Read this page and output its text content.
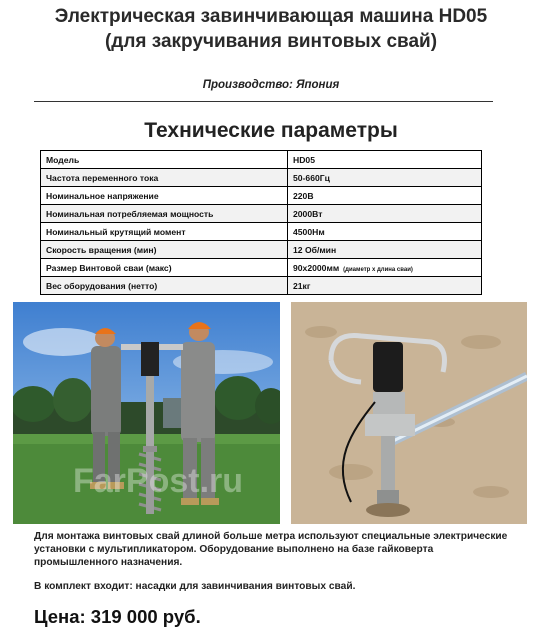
Электрическая завинчивающая машина HD05
(для закручивания винтовых свай)
Производство: Япония
Технические параметры
Модель	HD05
Частота переменного тока	50-660Гц
Номинальное напряжение	220В
Номинальная потребляемая мощность	2000Вт
Номинальный крутящий момент	4500Нм
Скорость вращения (мин)	12 Об/мин
Размер Винтовой сваи (макс)	90х2000мм (диаметр х длина сваи)
Вес оборудования (нетто)	21кг
FarPost.ru
Для монтажа винтовых свай длиной больше метра используют специальные электрические установки с мультипликатором. Оборудование выполнено на базе гайковерта промышленного назначения.
В комплект входит: насадки для завинчивания винтовых свай.
Цена: 319 000 руб.
